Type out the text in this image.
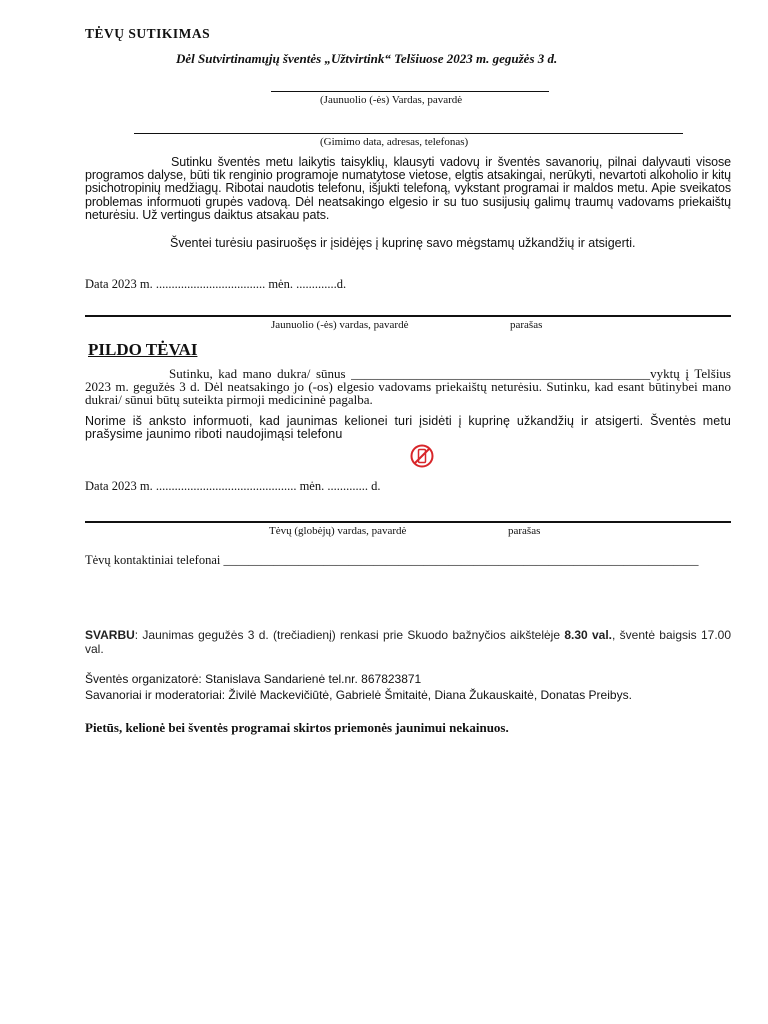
TĖVŲ SUTIKIMAS
Dėl Sutvirtinamųjų šventės „Užtvirtink“ Telšiuose 2023 m. gegužės 3 d.
(Jaunuolio (-ės) Vardas, pavardė
(Gimimo data, adresas, telefonas)
Sutinku šventės metu laikytis taisyklių, klausyti vadovų ir šventės savanorių, pilnai dalyvauti visose programos dalyse, būti tik renginio programoje numatytose vietose, elgtis atsakingai, nerūkyti, nevartoti alkoholio ir kitų psichotropinių medžiagų. Ribotai naudotis telefonu, išjukti telefoną, vykstant programai ir maldos metu. Apie sveikatos problemas informuoti grupės vadovą. Dėl neatsakingo elgesio ir su tuo susijusių galimų traumų vadovams priekaištų neturėsiu. Už vertingus daiktus atsakau pats.
Šventei turėsiu pasiruošęs ir įsidėjęs į kuprinę savo mėgstamų užkandžių ir atsigerti.
Data 2023 m. ................................... mėn. .............d.
Jaunuolio (-ės) vardas, pavardė	parašas
PILDO TĖVAI
Sutinku, kad mano dukra/ sūnus ______________________________________________vyktų į Telšius 2023 m. gegužės 3 d. Dėl neatsakingo jo (-os) elgesio vadovams priekaištų neturėsiu. Sutinku, kad esant būtinybei mano dukrai/ sūnui būtų suteikta pirmoji medicininė pagalba.
Norime iš anksto informuoti, kad jaunimas kelionei turi įsidėti į kuprinę užkandžių ir atsigerti. Šventės metu prašysime jaunimo riboti naudojimąsi telefonu
Data 2023 m. ............................................. mėn. ............. d.
Tėvų (globėjų) vardas, pavardė	parašas
Tėvų kontaktiniai telefonai ____________________________________________________________________________
SVARBU: Jaunimas gegužės 3 d. (trečiadienį) renkasi prie Skuodo bažnyčios aikštelėje 8.30 val., šventė baigsis 17.00 val.
Šventės organizatorė: Stanislava Sandarienė tel.nr. 867823871
Savanoriai ir moderatoriai: Živilė Mackevičiūtė, Gabrielė Šmitaitė, Diana Žukauskaitė, Donatas Preibys.
Pietūs, kelionė bei šventės programai skirtos priemonės jaunimui nekainuos.
